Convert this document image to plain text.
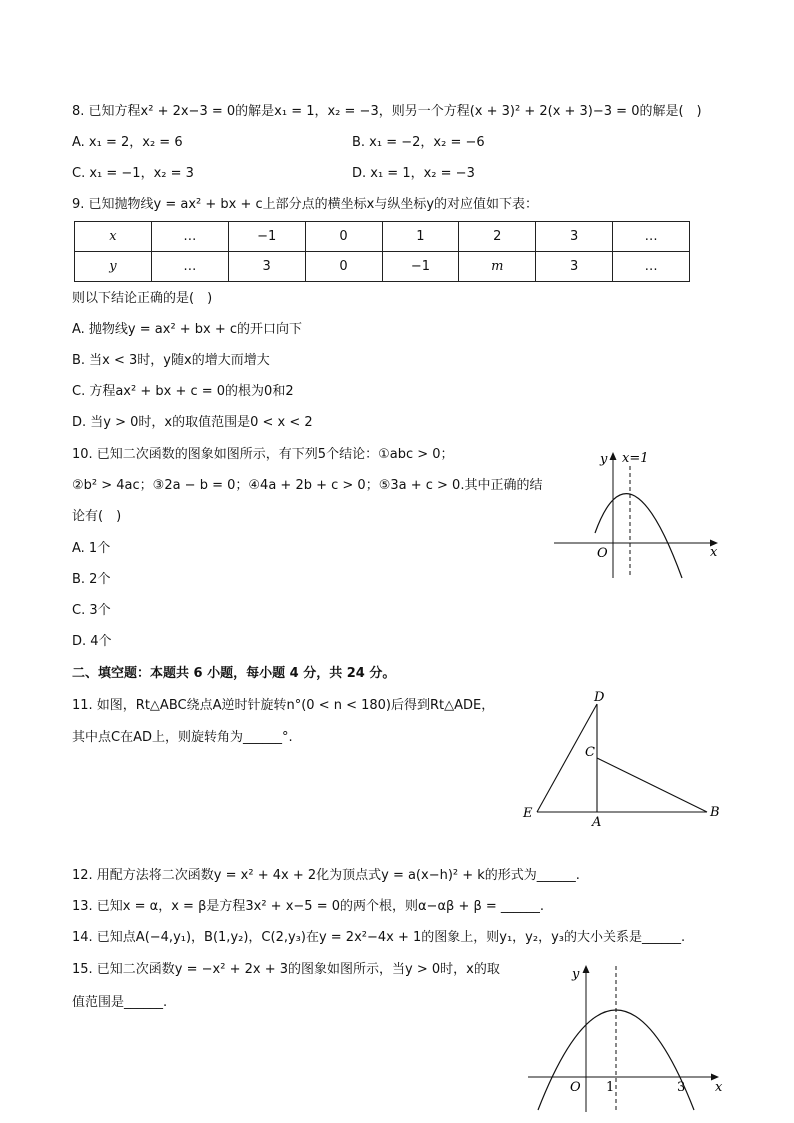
8. 已知方程x² + 2x−3 = 0的解是x₁ = 1，x₂ = −3，则另一个方程(x + 3)² + 2(x + 3)−3 = 0的解是(　)
A. x₁ = 2，x₂ = 6	B. x₁ = −2，x₂ = −6
C. x₁ = −1，x₂ = 3	D. x₁ = 1，x₂ = −3
9. 已知抛物线y = ax² + bx + c上部分点的横坐标x与纵坐标y的对应值如下表：
x	…	−1	0	1	2	3	…
y	…	3	0	−1	m	3	…
则以下结论正确的是(　)
A. 抛物线y = ax² + bx + c的开口向下
B. 当x < 3时，y随x的增大而增大
C. 方程ax² + bx + c = 0的根为0和2
D. 当y > 0时，x的取值范围是0 < x < 2
10. 已知二次函数的图象如图所示，有下列5个结论：①abc > 0；
②b² > 4ac；③2a − b = 0；④4a + 2b + c > 0；⑤3a + c > 0.其中正确的结
论有(　)
A. 1个
B. 2个
C. 3个
D. 4个
y x=1
x
O
二、填空题：本题共 6 小题，每小题 4 分，共 24 分。
11. 如图，Rt△ABC绕点A逆时针旋转n°(0 < n < 180)后得到Rt△ADE，
其中点C在AD上，则旋转角为______°.
D
C
E
A
B
12. 用配方法将二次函数y = x² + 4x + 2化为顶点式y = a(x−h)² + k的形式为______.
13. 已知x = α，x = β是方程3x² + x−5 = 0的两个根，则α−αβ + β = ______.
14. 已知点A(−4,y₁)，B(1,y₂)，C(2,y₃)在y = 2x²−4x + 1的图象上，则y₁，y₂，y₃的大小关系是______.
15. 已知二次函数y = −x² + 2x + 3的图象如图所示，当y > 0时，x的取
值范围是______.
y
x
O 1	3
